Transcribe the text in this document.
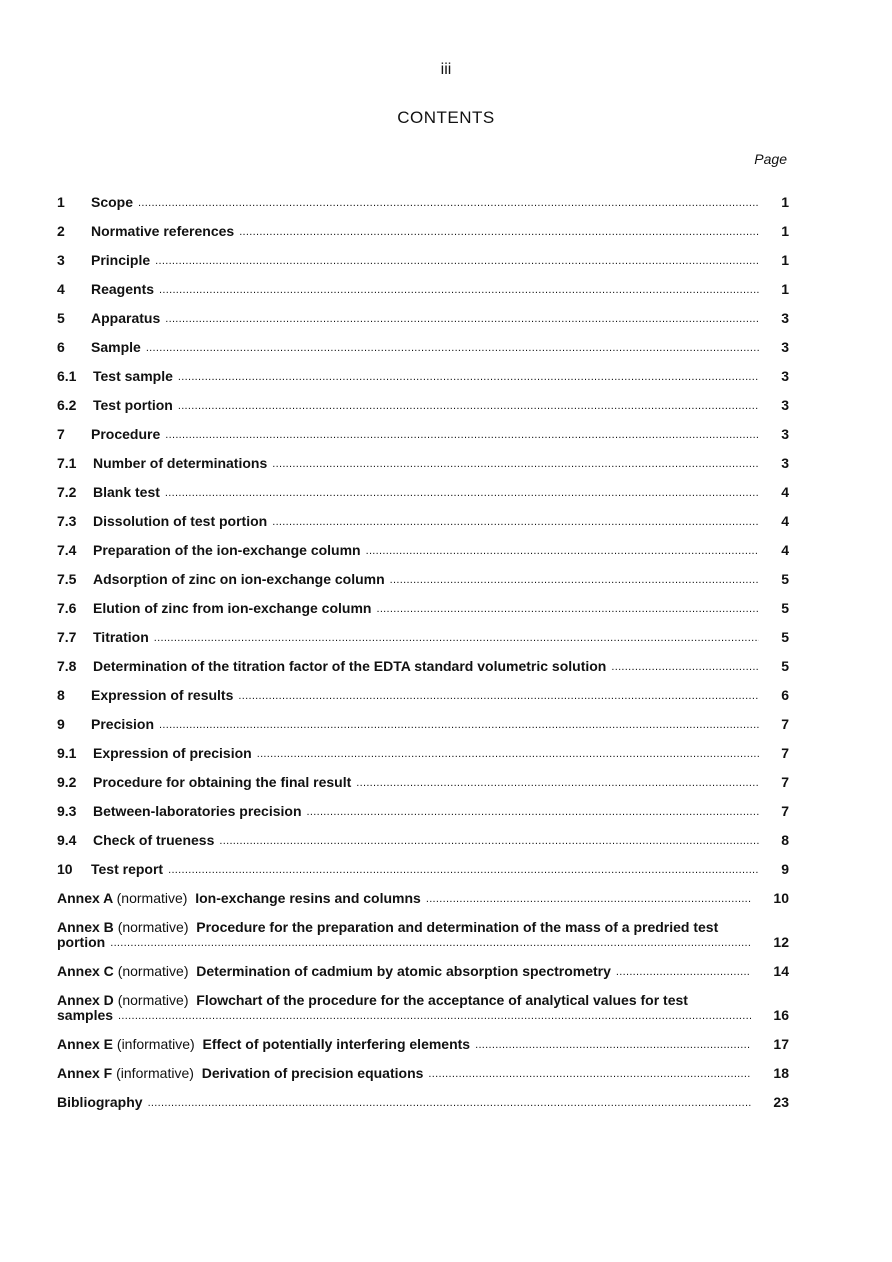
iii
CONTENTS
Page
1	Scope .....	1
2	Normative references .....	1
3	Principle .....	1
4	Reagents .....	1
5	Apparatus .....	3
6	Sample .....	3
6.1	Test sample .....	3
6.2	Test portion .....	3
7	Procedure .....	3
7.1	Number of determinations .....	3
7.2	Blank test .....	4
7.3	Dissolution of test portion .....	4
7.4	Preparation of the ion-exchange column .....	4
7.5	Adsorption of zinc on ion-exchange column .....	5
7.6	Elution of zinc from ion-exchange column .....	5
7.7	Titration .....	5
7.8	Determination of the titration factor of the EDTA standard volumetric solution .....	5
8	Expression of results .....	6
9	Precision .....	7
9.1	Expression of precision .....	7
9.2	Procedure for obtaining the final result .....	7
9.3	Between-laboratories precision .....	7
9.4	Check of trueness .....	8
10	Test report .....	9
Annex A (normative) Ion-exchange resins and columns .....	10
Annex B (normative) Procedure for the preparation and determination of the mass of a predried test
portion .....	12
Annex C (normative) Determination of cadmium by atomic absorption spectrometry .....	14
Annex D (normative) Flowchart of the procedure for the acceptance of analytical values for test
samples .....	16
Annex E (informative) Effect of potentially interfering elements .....	17
Annex F (informative) Derivation of precision equations .....	18
Bibliography .....	23
